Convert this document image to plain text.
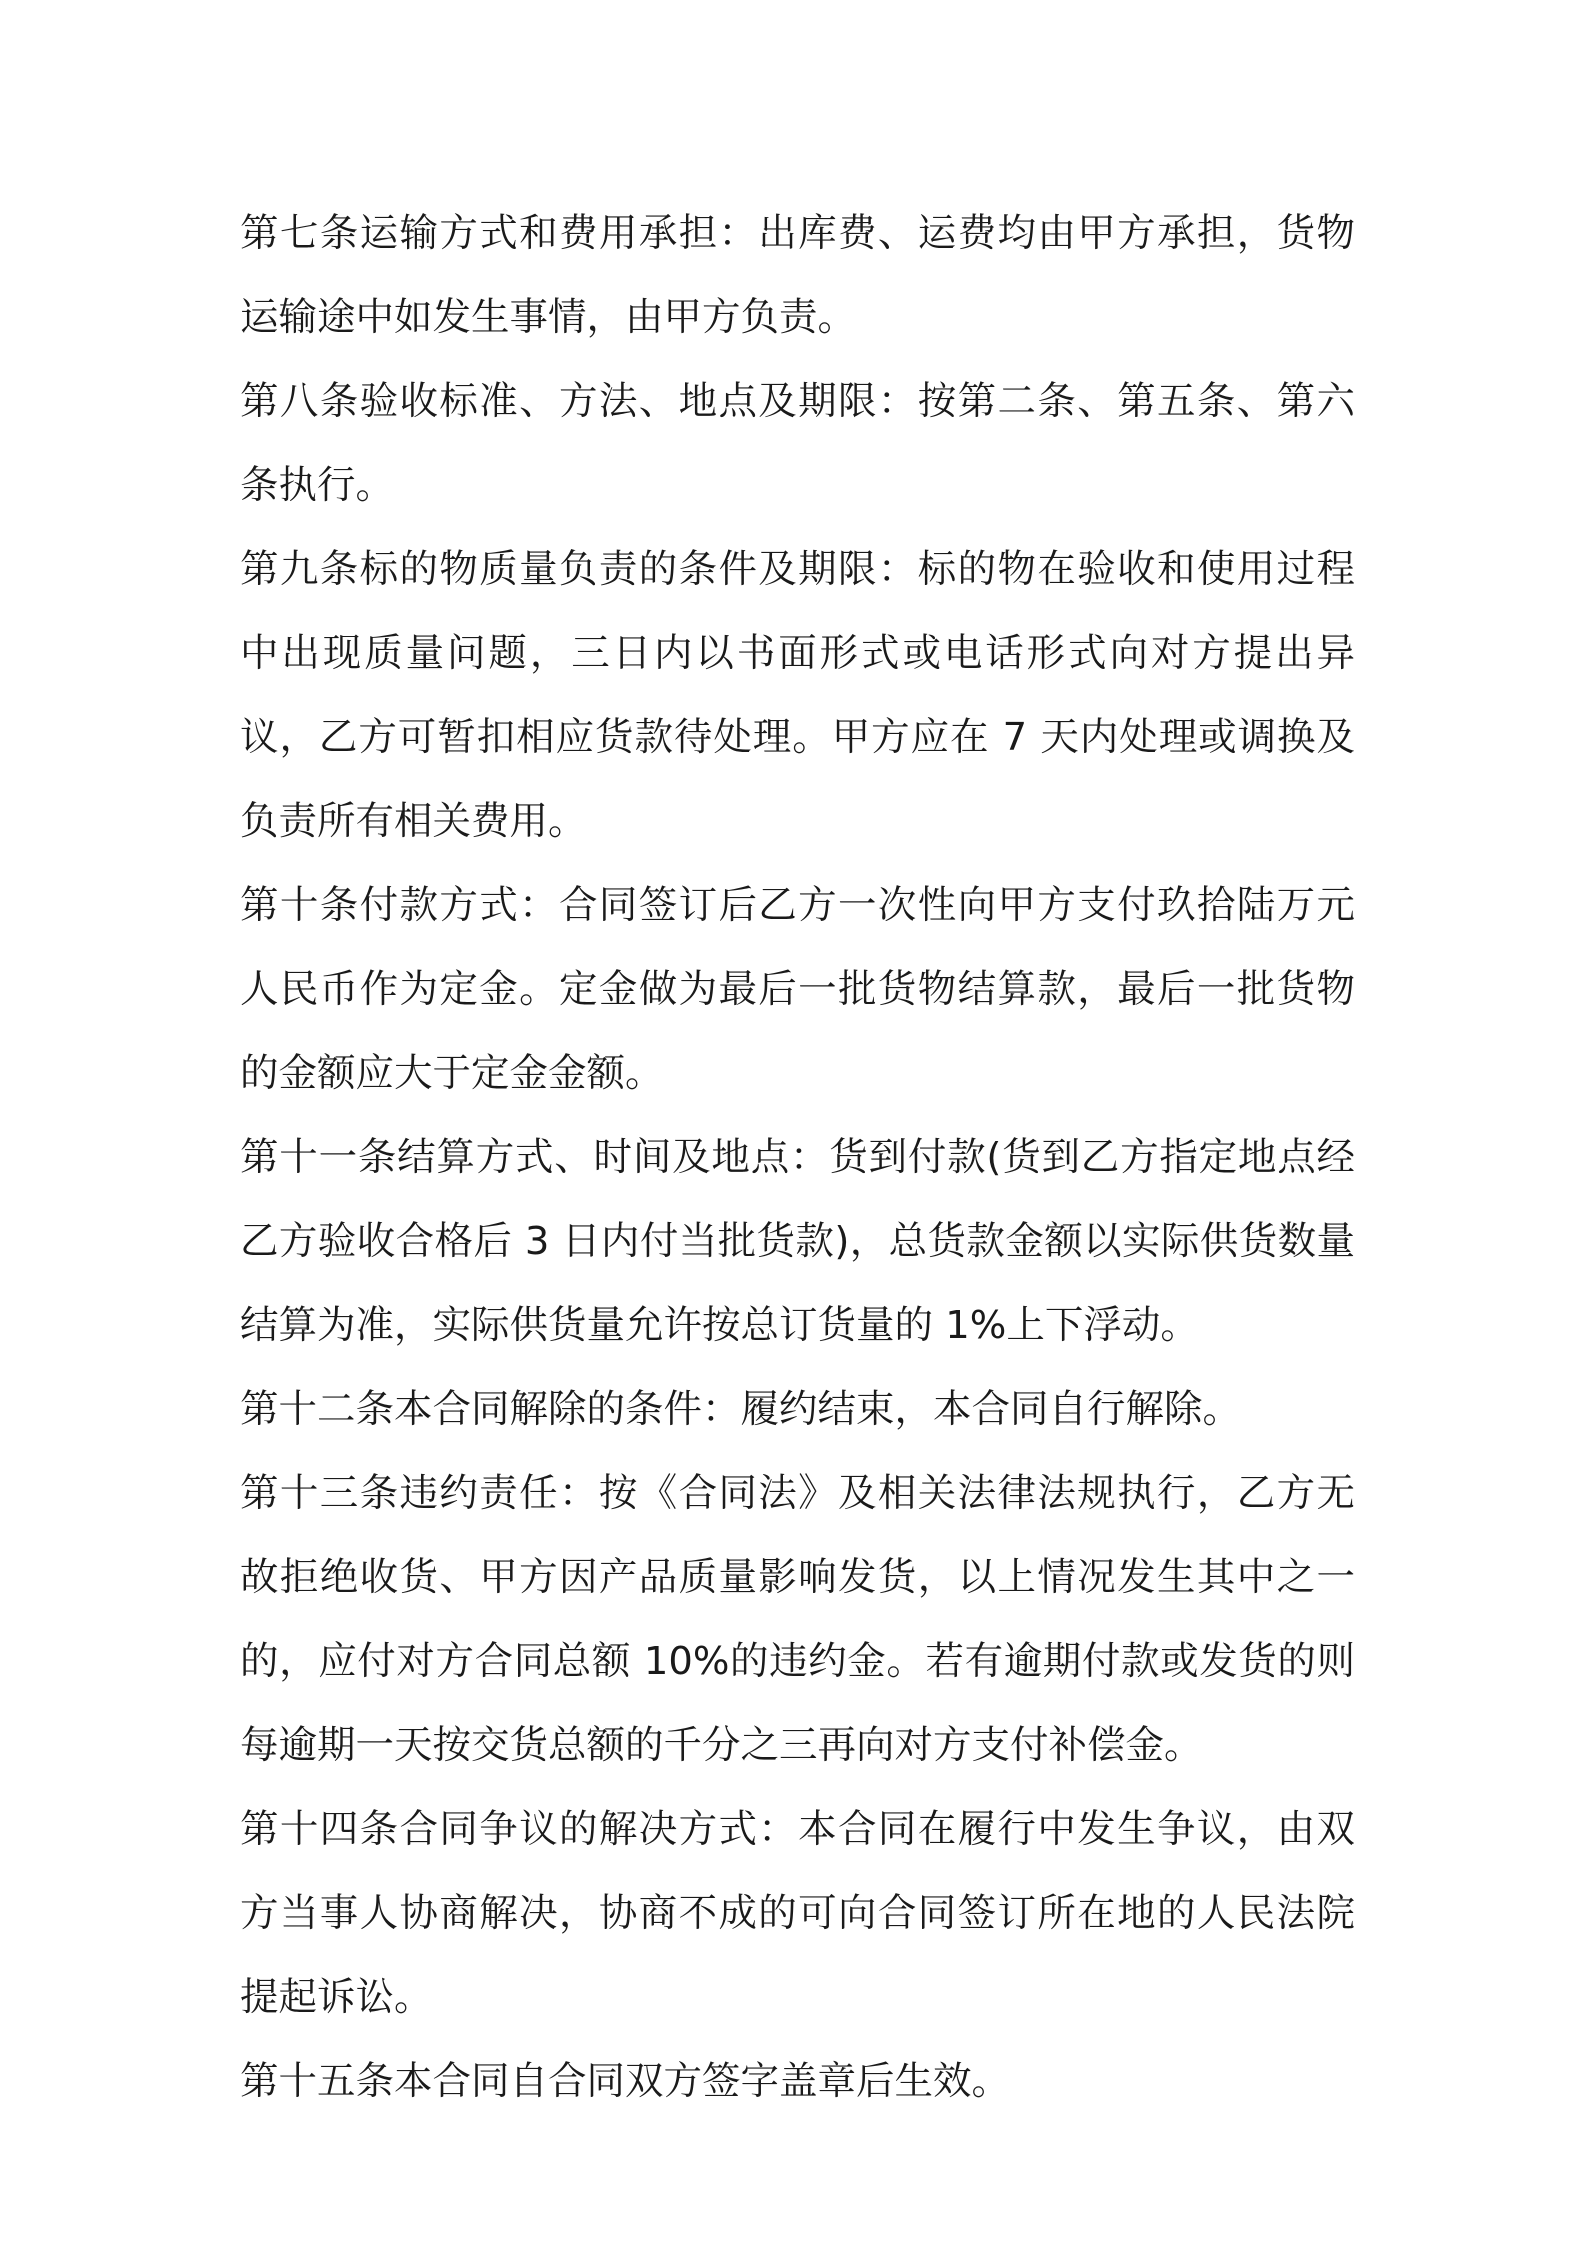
第七条运输方式和费用承担：出库费、运费均由甲方承担，货物运输途中如发生事情，由甲方负责。

第八条验收标准、方法、地点及期限：按第二条、第五条、第六条执行。

第九条标的物质量负责的条件及期限：标的物在验收和使用过程中出现质量问题，三日内以书面形式或电话形式向对方提出异议，乙方可暂扣相应货款待处理。甲方应在 7 天内处理或调换及负责所有相关费用。

第十条付款方式：合同签订后乙方一次性向甲方支付玖拾陆万元人民币作为定金。定金做为最后一批货物结算款，最后一批货物的金额应大于定金金额。

第十一条结算方式、时间及地点：货到付款(货到乙方指定地点经乙方验收合格后 3 日内付当批货款)，总货款金额以实际供货数量结算为准，实际供货量允许按总订货量的 1%上下浮动。

第十二条本合同解除的条件：履约结束，本合同自行解除。

第十三条违约责任：按《合同法》及相关法律法规执行，乙方无故拒绝收货、甲方因产品质量影响发货，以上情况发生其中之一的，应付对方合同总额 10%的违约金。若有逾期付款或发货的则每逾期一天按交货总额的千分之三再向对方支付补偿金。

第十四条合同争议的解决方式：本合同在履行中发生争议，由双方当事人协商解决，协商不成的可向合同签订所在地的人民法院提起诉讼。

第十五条本合同自合同双方签字盖章后生效。
